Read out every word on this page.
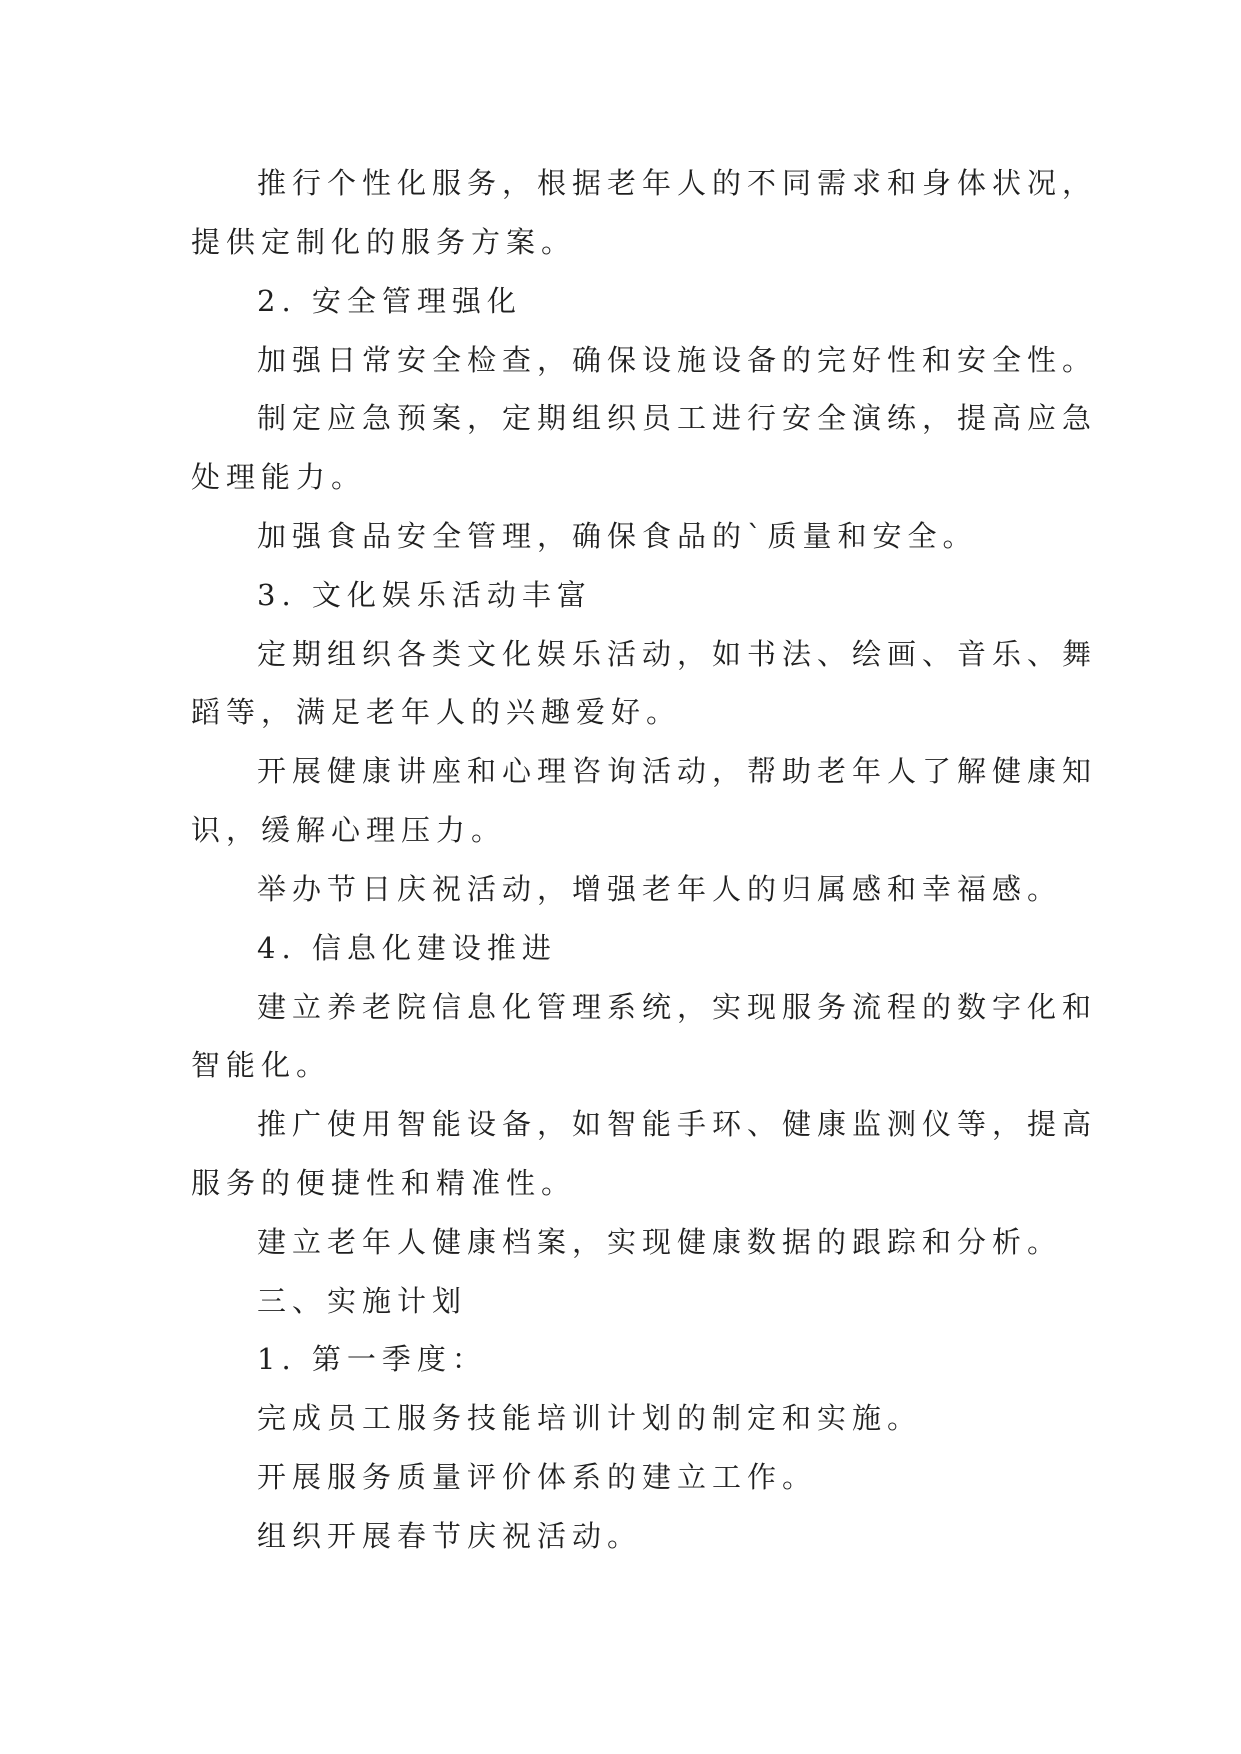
推行个性化服务，根据老年人的不同需求和身体状况，
提供定制化的服务方案。
2. 安全管理强化
加强日常安全检查，确保设施设备的完好性和安全性。
制定应急预案，定期组织员工进行安全演练，提高应急
处理能力。
加强食品安全管理，确保食品的`质量和安全。
3. 文化娱乐活动丰富
定期组织各类文化娱乐活动，如书法、绘画、音乐、舞
蹈等，满足老年人的兴趣爱好。
开展健康讲座和心理咨询活动，帮助老年人了解健康知
识，缓解心理压力。
举办节日庆祝活动，增强老年人的归属感和幸福感。
4. 信息化建设推进
建立养老院信息化管理系统，实现服务流程的数字化和
智能化。
推广使用智能设备，如智能手环、健康监测仪等，提高
服务的便捷性和精准性。
建立老年人健康档案，实现健康数据的跟踪和分析。
三、实施计划
1. 第一季度：
完成员工服务技能培训计划的制定和实施。
开展服务质量评价体系的建立工作。
组织开展春节庆祝活动。
